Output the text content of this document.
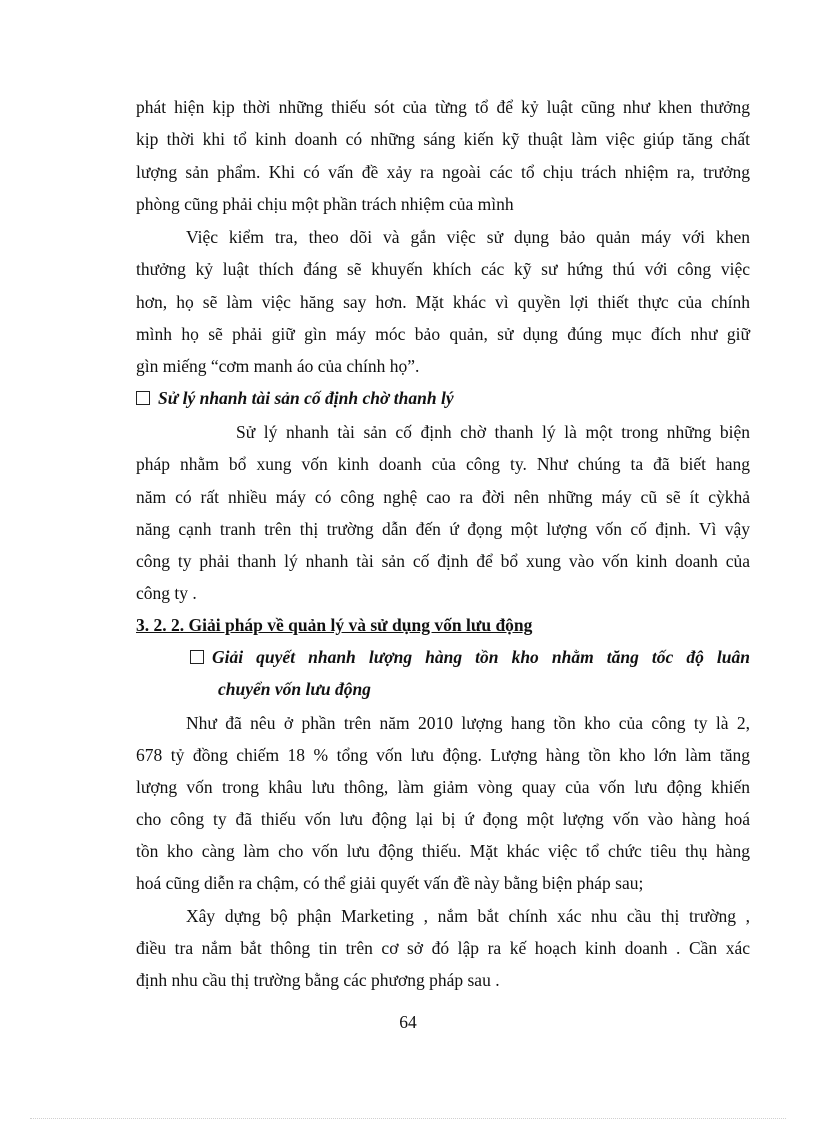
phát hiện kịp thời những thiếu sót của từng tổ để kỷ luật cũng như khen thưởng
kịp thời khi tổ kinh doanh có những sáng kiến kỹ thuật làm việc giúp tăng chất
lượng sản phẩm. Khi có vấn đề xảy ra ngoài các tổ chịu trách nhiệm ra, trưởng
phòng cũng phải chịu một phần trách nhiệm của mình
Việc kiểm tra, theo dõi và gắn việc sử dụng bảo quản máy với khen
thưởng kỷ luật thích đáng sẽ khuyến khích các kỹ sư hứng thú với công việc
hơn, họ sẽ làm việc hăng say hơn. Mặt khác vì quyền lợi thiết thực của chính
mình họ sẽ phải giữ gìn máy móc bảo quản, sử dụng đúng mục đích như giữ
gìn miếng “cơm manh áo của chính họ”.
Sử lý nhanh tài sản cố định chờ thanh lý
Sử lý nhanh tài sản cố định chờ thanh lý là một trong những biện
pháp nhằm bổ xung vốn kinh doanh của công ty. Như chúng ta đã biết hang
năm có rất nhiều máy có công nghệ cao ra đời nên những máy cũ sẽ ít cỳkhả
năng cạnh tranh trên thị trường dẫn đến ứ đọng một lượng vốn cố định. Vì vậy
công ty phải thanh lý nhanh tài sản cố định để bổ xung vào vốn kinh doanh của
công ty .
3. 2. 2. Giải pháp về quản lý và sử dụng vốn lưu động
Giải quyết nhanh lượng hàng tồn kho nhằm tăng tốc độ luân
chuyển vốn lưu động
Như đã nêu ở phần trên năm 2010 lượng hang tồn kho của công ty là 2,
678 tỷ đồng chiếm 18 % tổng vốn lưu động. Lượng hàng tồn kho lớn làm tăng
lượng vốn trong khâu lưu thông, làm giảm vòng quay của vốn lưu động khiến
cho công ty đã thiếu vốn lưu động lại bị ứ đọng một lượng vốn vào hàng hoá
tồn kho càng làm cho vốn lưu động thiếu. Mặt khác việc tổ chức tiêu thụ hàng
hoá cũng diễn ra chậm, có thể giải quyết vấn đề này bằng biện pháp sau;
Xây dựng bộ phận Marketing , nắm bắt chính xác nhu cầu thị trường ,
điều tra nắm bắt thông tin trên cơ sở đó lập ra kế hoạch kinh doanh . Cần xác
định nhu cầu thị trường bằng các phương pháp sau .
64
